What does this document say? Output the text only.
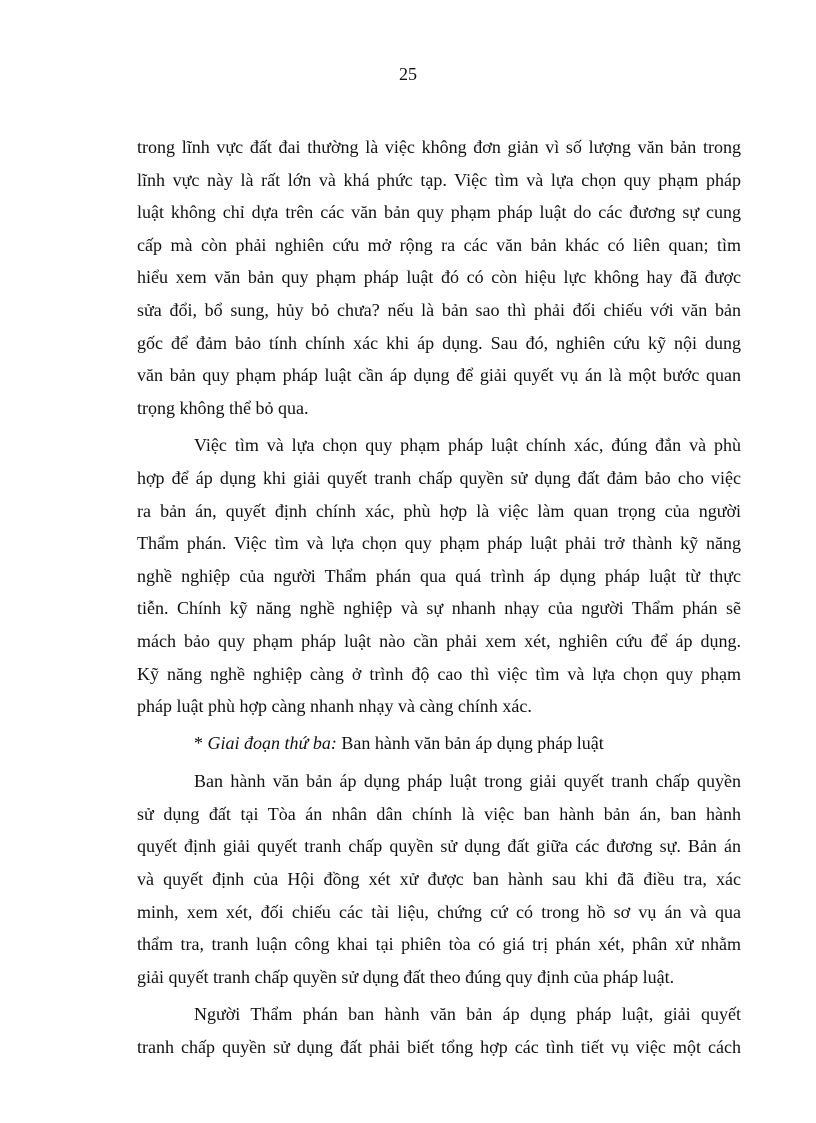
25

trong lĩnh vực đất đai thường là việc không đơn giản vì số lượng văn bản trong
lĩnh vực này là rất lớn và khá phức tạp. Việc tìm và lựa chọn quy phạm pháp
luật không chỉ dựa trên các văn bản quy phạm pháp luật do các đương sự cung
cấp mà còn phải nghiên cứu mở rộng ra các văn bản khác có liên quan; tìm
hiểu xem văn bản quy phạm pháp luật đó có còn hiệu lực không hay đã được
sửa đổi, bổ sung, hủy bỏ chưa? nếu là bản sao thì phải đối chiếu với văn bản
gốc để đảm bảo tính chính xác khi áp dụng. Sau đó, nghiên cứu kỹ nội dung
văn bản quy phạm pháp luật cần áp dụng để giải quyết vụ án là một bước quan
trọng không thể bỏ qua.

Việc tìm và lựa chọn quy phạm pháp luật chính xác, đúng đắn và phù
hợp để áp dụng khi giải quyết tranh chấp quyền sử dụng đất đảm bảo cho việc
ra bản án, quyết định chính xác, phù hợp là việc làm quan trọng của người
Thẩm phán. Việc tìm và lựa chọn quy phạm pháp luật phải trở thành kỹ năng
nghề nghiệp của người Thẩm phán qua quá trình áp dụng pháp luật từ thực
tiễn. Chính kỹ năng nghề nghiệp và sự nhanh nhạy của người Thẩm phán sẽ
mách bảo quy phạm pháp luật nào cần phải xem xét, nghiên cứu để áp dụng.
Kỹ năng nghề nghiệp càng ở trình độ cao thì việc tìm và lựa chọn quy phạm
pháp luật phù hợp càng nhanh nhạy và càng chính xác.

* Giai đoạn thứ ba: Ban hành văn bản áp dụng pháp luật

Ban hành văn bản áp dụng pháp luật trong giải quyết tranh chấp quyền
sử dụng đất tại Tòa án nhân dân chính là việc ban hành bản án, ban hành
quyết định giải quyết tranh chấp quyền sử dụng đất giữa các đương sự. Bản án
và quyết định của Hội đồng xét xử được ban hành sau khi đã điều tra, xác
minh, xem xét, đối chiếu các tài liệu, chứng cứ có trong hồ sơ vụ án và qua
thẩm tra, tranh luận công khai tại phiên tòa có giá trị phán xét, phân xử nhằm
giải quyết tranh chấp quyền sử dụng đất theo đúng quy định của pháp luật.

Người Thẩm phán ban hành văn bản áp dụng pháp luật, giải quyết
tranh chấp quyền sử dụng đất phải biết tổng hợp các tình tiết vụ việc một cách
